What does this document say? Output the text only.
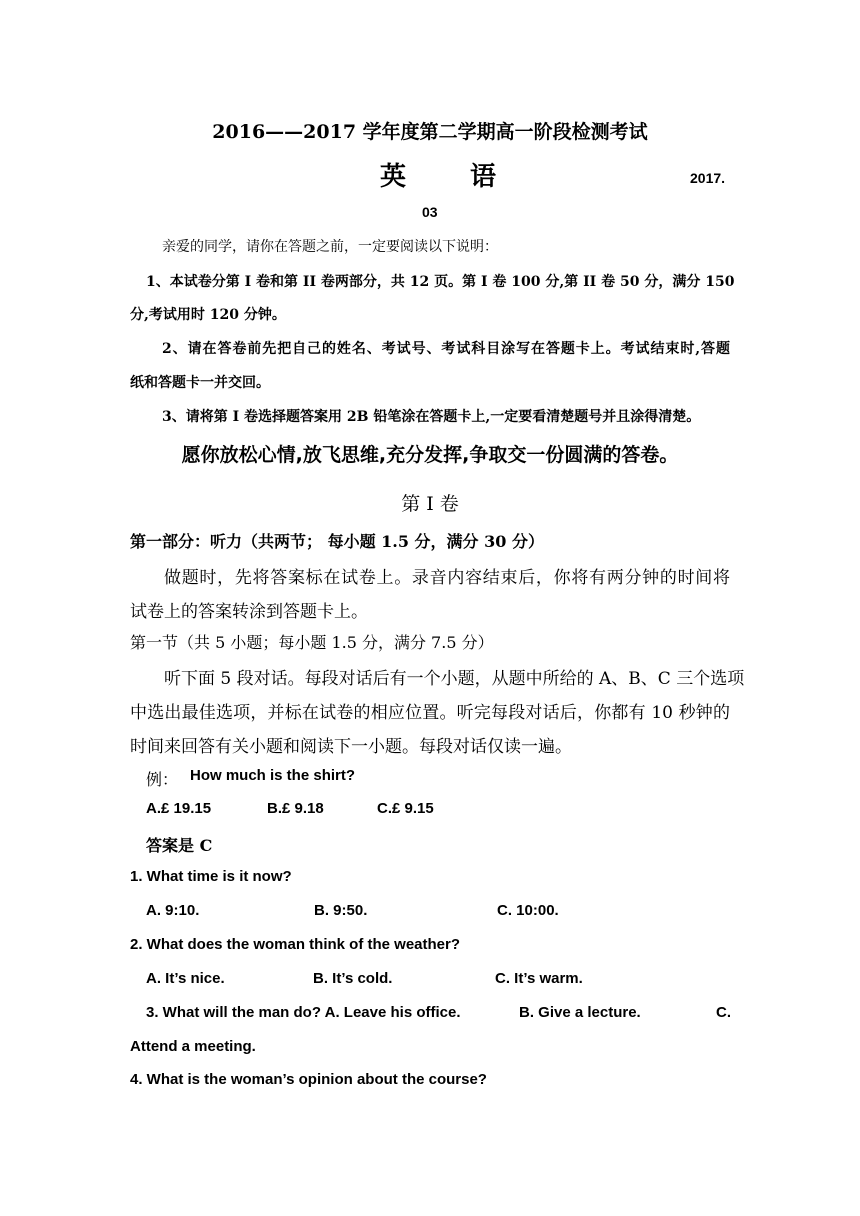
2016——2017 学年度第二学期高一阶段检测考试
英 语	2017.
03
亲爱的同学，请你在答题之前，一定要阅读以下说明：
1、本试卷分第 I 卷和第 II 卷两部分，共 12 页。第 I 卷 100 分,第 II 卷 50 分，满分 150
分,考试用时 120 分钟。
2、请在答卷前先把自己的姓名、考试号、考试科目涂写在答题卡上。考试结束时,答题
纸和答题卡一并交回。
3、请将第 I 卷选择题答案用 2B 铅笔涂在答题卡上,一定要看清楚题号并且涂得清楚。
愿你放松心情,放飞思维,充分发挥,争取交一份圆满的答卷。
第 I 卷
第一部分：听力（共两节； 每小题 1.5 分，满分 30 分）
做题时，先将答案标在试卷上。录音内容结束后，你将有两分钟的时间将
试卷上的答案转涂到答题卡上。
第一节（共 5 小题；每小题 1.5 分，满分 7.5 分）
听下面 5 段对话。每段对话后有一个小题，从题中所给的 A、B、C 三个选项
中选出最佳选项，并标在试卷的相应位置。听完每段对话后，你都有 10 秒钟的
时间来回答有关小题和阅读下一小题。每段对话仅读一遍。
例： How much is the shirt?
A.£ 19.15	B.£ 9.18	C.£ 9.15
答案是 C
1. What time is it now?
A. 9:10.	B. 9:50.	C. 10:00.
2. What does the woman think of the weather?
A. It’s nice.	B. It’s cold.	C. It’s warm.
3. What will the man do? A. Leave his office.	B. Give a lecture.	C.
Attend a meeting.
4. What is the woman’s opinion about the course?
